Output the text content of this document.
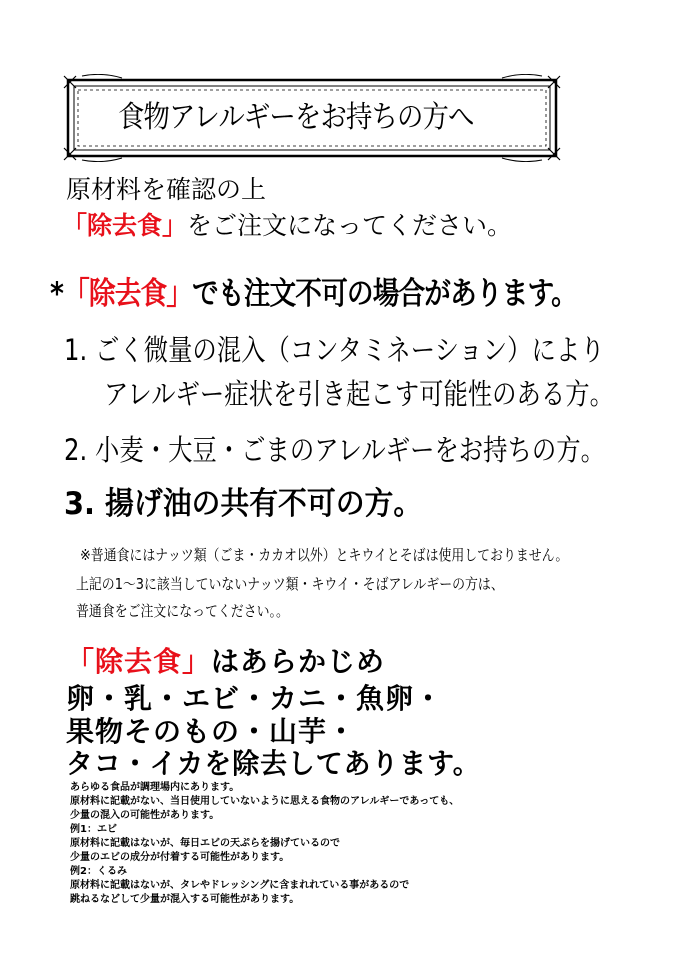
食物アレルギーをお持ちの方へ
原材料を確認の上
「除去食」をご注文になってください。
*「除去食」でも注文不可の場合があります。
1. ごく微量の混入（コンタミネーション）により
アレルギー症状を引き起こす可能性のある方。
2. 小麦・大豆・ごまのアレルギーをお持ちの方。
3. 揚げ油の共有不可の方。
※普通食にはナッツ類（ごま・カカオ以外）とキウイとそばは使用しておりません。
上記の1～3に該当していないナッツ類・キウイ・そばアレルギーの方は、
普通食をご注文になってください。。
「除去食」はあらかじめ
卵・乳・エビ・カニ・魚卵・
果物そのもの・山芋・
タコ・イカを除去してあります。
あらゆる食品が調理場内にあります。
原材料に記載がない、当日使用していないように思える食物のアレルギーであっても、
少量の混入の可能性があります。
例1：エビ
原材料に記載はないが、毎日エビの天ぷらを揚げているので
少量のエビの成分が付着する可能性があります。
例2：くるみ
原材料に記載はないが、タレやドレッシングに含まれれている事があるので
跳ねるなどして少量が混入する可能性があります。
